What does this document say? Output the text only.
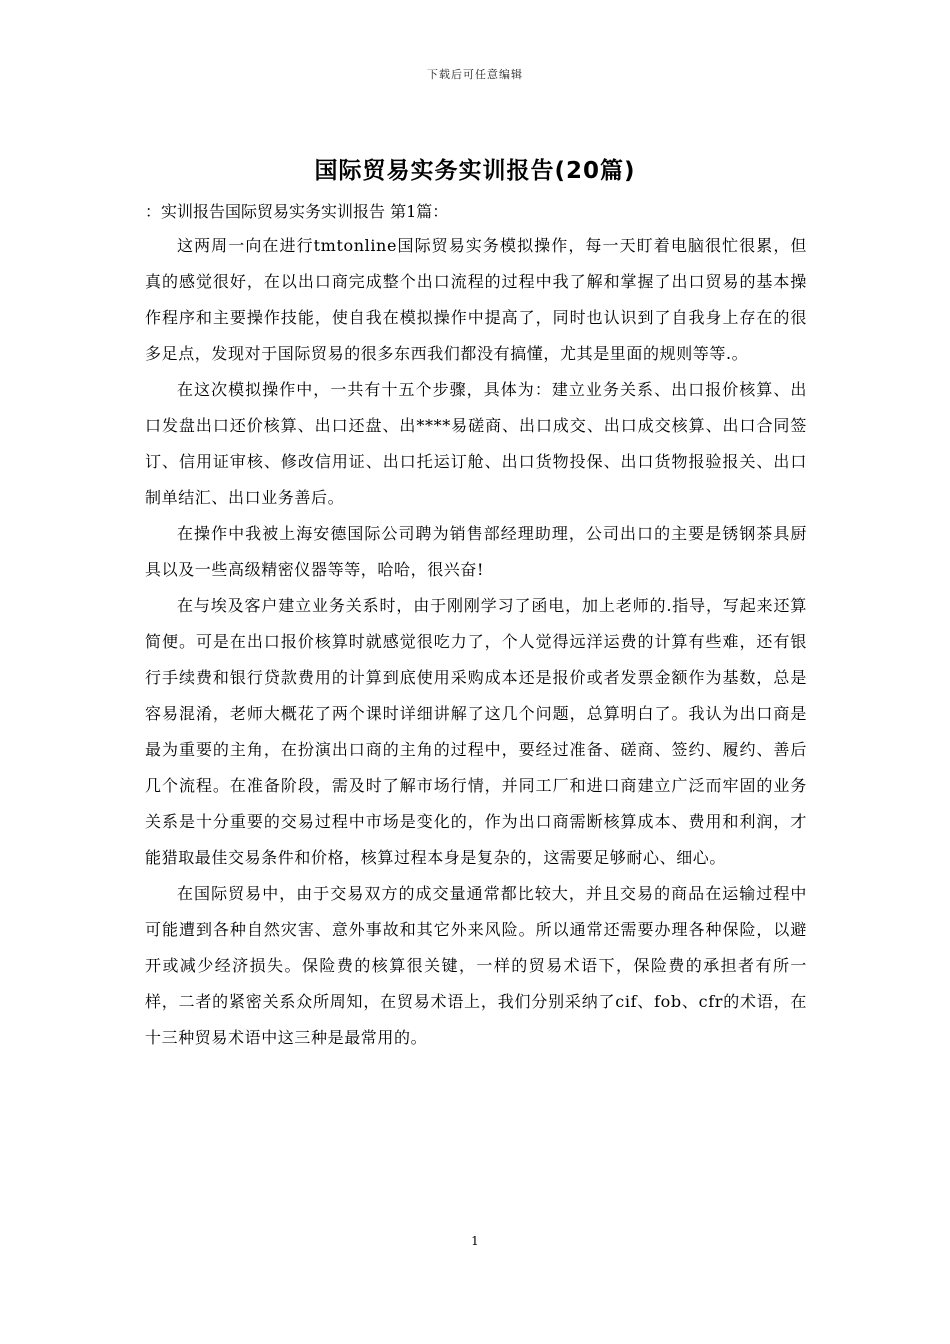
下载后可任意编辑
国际贸易实务实训报告(20篇)
：实训报告国际贸易实务实训报告 第1篇：

这两周一向在进行tmtonline国际贸易实务模拟操作，每一天盯着电脑很忙很累，但真的感觉很好，在以出口商完成整个出口流程的过程中我了解和掌握了出口贸易的基本操作程序和主要操作技能，使自我在模拟操作中提高了，同时也认识到了自我身上存在的很多足点，发现对于国际贸易的很多东西我们都没有搞懂，尤其是里面的规则等等.。

在这次模拟操作中，一共有十五个步骤，具体为：建立业务关系、出口报价核算、出口发盘出口还价核算、出口还盘、出****易磋商、出口成交、出口成交核算、出口合同签订、信用证审核、修改信用证、出口托运订舱、出口货物投保、出口货物报验报关、出口制单结汇、出口业务善后。

在操作中我被上海安德国际公司聘为销售部经理助理，公司出口的主要是锈钢茶具厨具以及一些高级精密仪器等等，哈哈，很兴奋!

在与埃及客户建立业务关系时，由于刚刚学习了函电，加上老师的.指导，写起来还算简便。可是在出口报价核算时就感觉很吃力了，个人觉得远洋运费的计算有些难，还有银行手续费和银行贷款费用的计算到底使用采购成本还是报价或者发票金额作为基数，总是容易混淆，老师大概花了两个课时详细讲解了这几个问题，总算明白了。我认为出口商是最为重要的主角，在扮演出口商的主角的过程中，要经过准备、磋商、签约、履约、善后几个流程。在准备阶段，需及时了解市场行情，并同工厂和进口商建立广泛而牢固的业务关系是十分重要的交易过程中市场是变化的，作为出口商需断核算成本、费用和利润，才能猎取最佳交易条件和价格，核算过程本身是复杂的，这需要足够耐心、细心。

在国际贸易中，由于交易双方的成交量通常都比较大，并且交易的商品在运输过程中可能遭到各种自然灾害、意外事故和其它外来风险。所以通常还需要办理各种保险，以避开或减少经济损失。保险费的核算很关键，一样的贸易术语下，保险费的承担者有所一样，二者的紧密关系众所周知，在贸易术语上，我们分别采纳了cif、fob、cfr的术语，在十三种贸易术语中这三种是最常用的。

1
